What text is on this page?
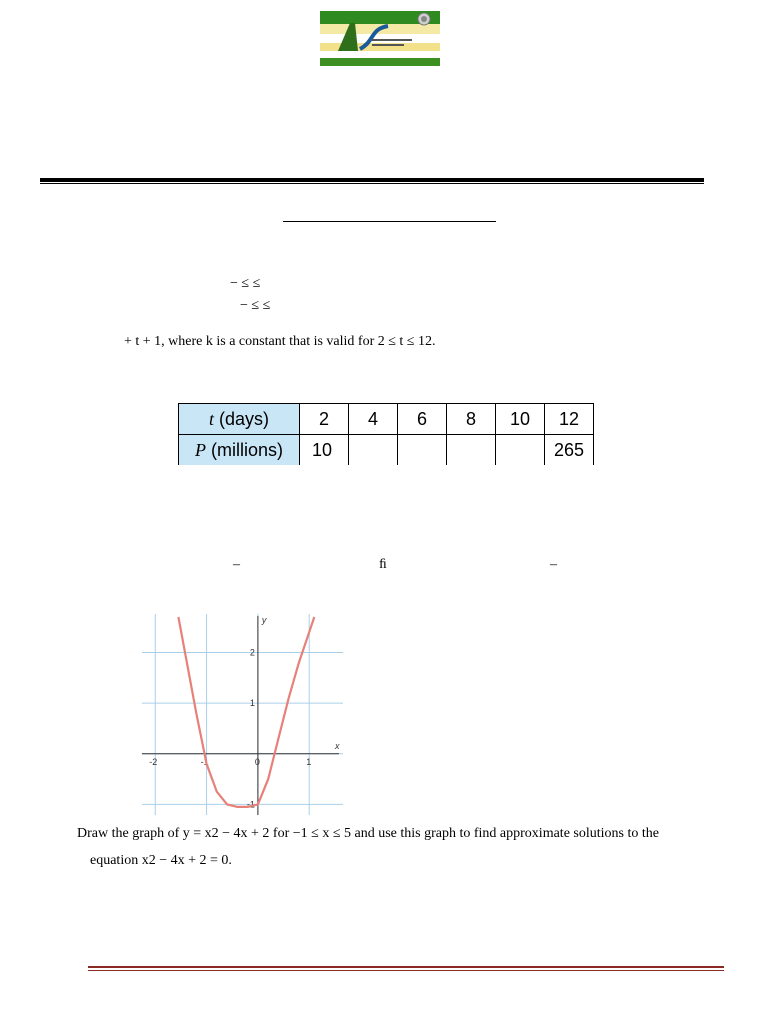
AIS
− ≤ ≤
− ≤ ≤
+ t + 1, where k is a constant that is valid for 2 ≤ t ≤ 12.
t (days)	2	4	6	8	10	12
P (millions)	10					265
–	ﬁ	–
x
y
-2	-1	0	1
2
1
-1
Draw the graph of y = x2 − 4x + 2 for −1 ≤ x ≤ 5 and use this graph to find approximate solutions to the
equation x2 − 4x + 2 = 0.
